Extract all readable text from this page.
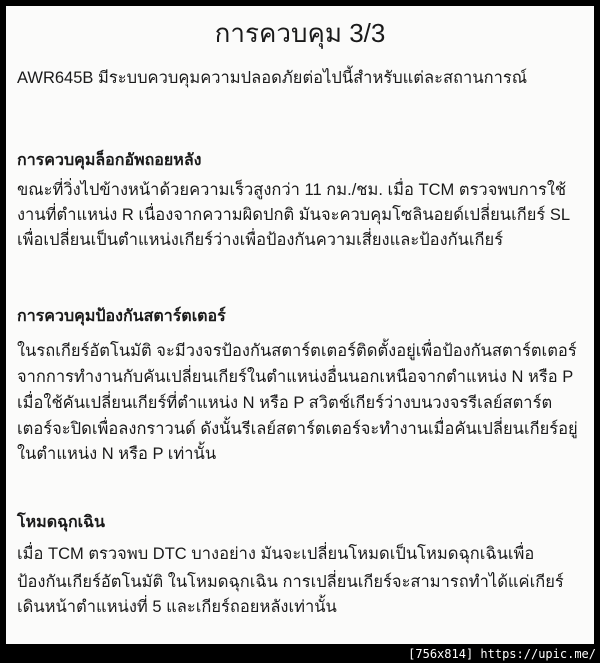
การควบคุม 3/3
AWR645B มีระบบควบคุมความปลอดภัยต่อไปนี้สำหรับแต่ละสถานการณ์
การควบคุมล็อกอัพถอยหลัง
ขณะที่วิ่งไปข้างหน้าด้วยความเร็วสูงกว่า 11 กม./ชม. เมื่อ TCM ตรวจพบการใช้
งานที่ตำแหน่ง R เนื่องจากความผิดปกติ มันจะควบคุมโซลินอยด์เปลี่ยนเกียร์ SL
เพื่อเปลี่ยนเป็นตำแหน่งเกียร์ว่างเพื่อป้องกันความเสี่ยงและป้องกันเกียร์
การควบคุมป้องกันสตาร์ตเตอร์
ในรถเกียร์อัตโนมัติ จะมีวงจรป้องกันสตาร์ตเตอร์ติดตั้งอยู่เพื่อป้องกันสตาร์ตเตอร์
จากการทำงานกับคันเปลี่ยนเกียร์ในตำแหน่งอื่นนอกเหนือจากตำแหน่ง N หรือ P
เมื่อใช้คันเปลี่ยนเกียร์ที่ตำแหน่ง N หรือ P สวิตช์เกียร์ว่างบนวงจรรีเลย์สตาร์ต
เตอร์จะปิดเพื่อลงกราวนด์ ดังนั้นรีเลย์สตาร์ตเตอร์จะทำงานเมื่อคันเปลี่ยนเกียร์อยู่
ในตำแหน่ง N หรือ P เท่านั้น
โหมดฉุกเฉิน
เมื่อ TCM ตรวจพบ DTC บางอย่าง มันจะเปลี่ยนโหมดเป็นโหมดฉุกเฉินเพื่อ
ป้องกันเกียร์อัตโนมัติ ในโหมดฉุกเฉิน การเปลี่ยนเกียร์จะสามารถทำได้แค่เกียร์
เดินหน้าตำแหน่งที่ 5 และเกียร์ถอยหลังเท่านั้น
[756x814] https://upic.me/
